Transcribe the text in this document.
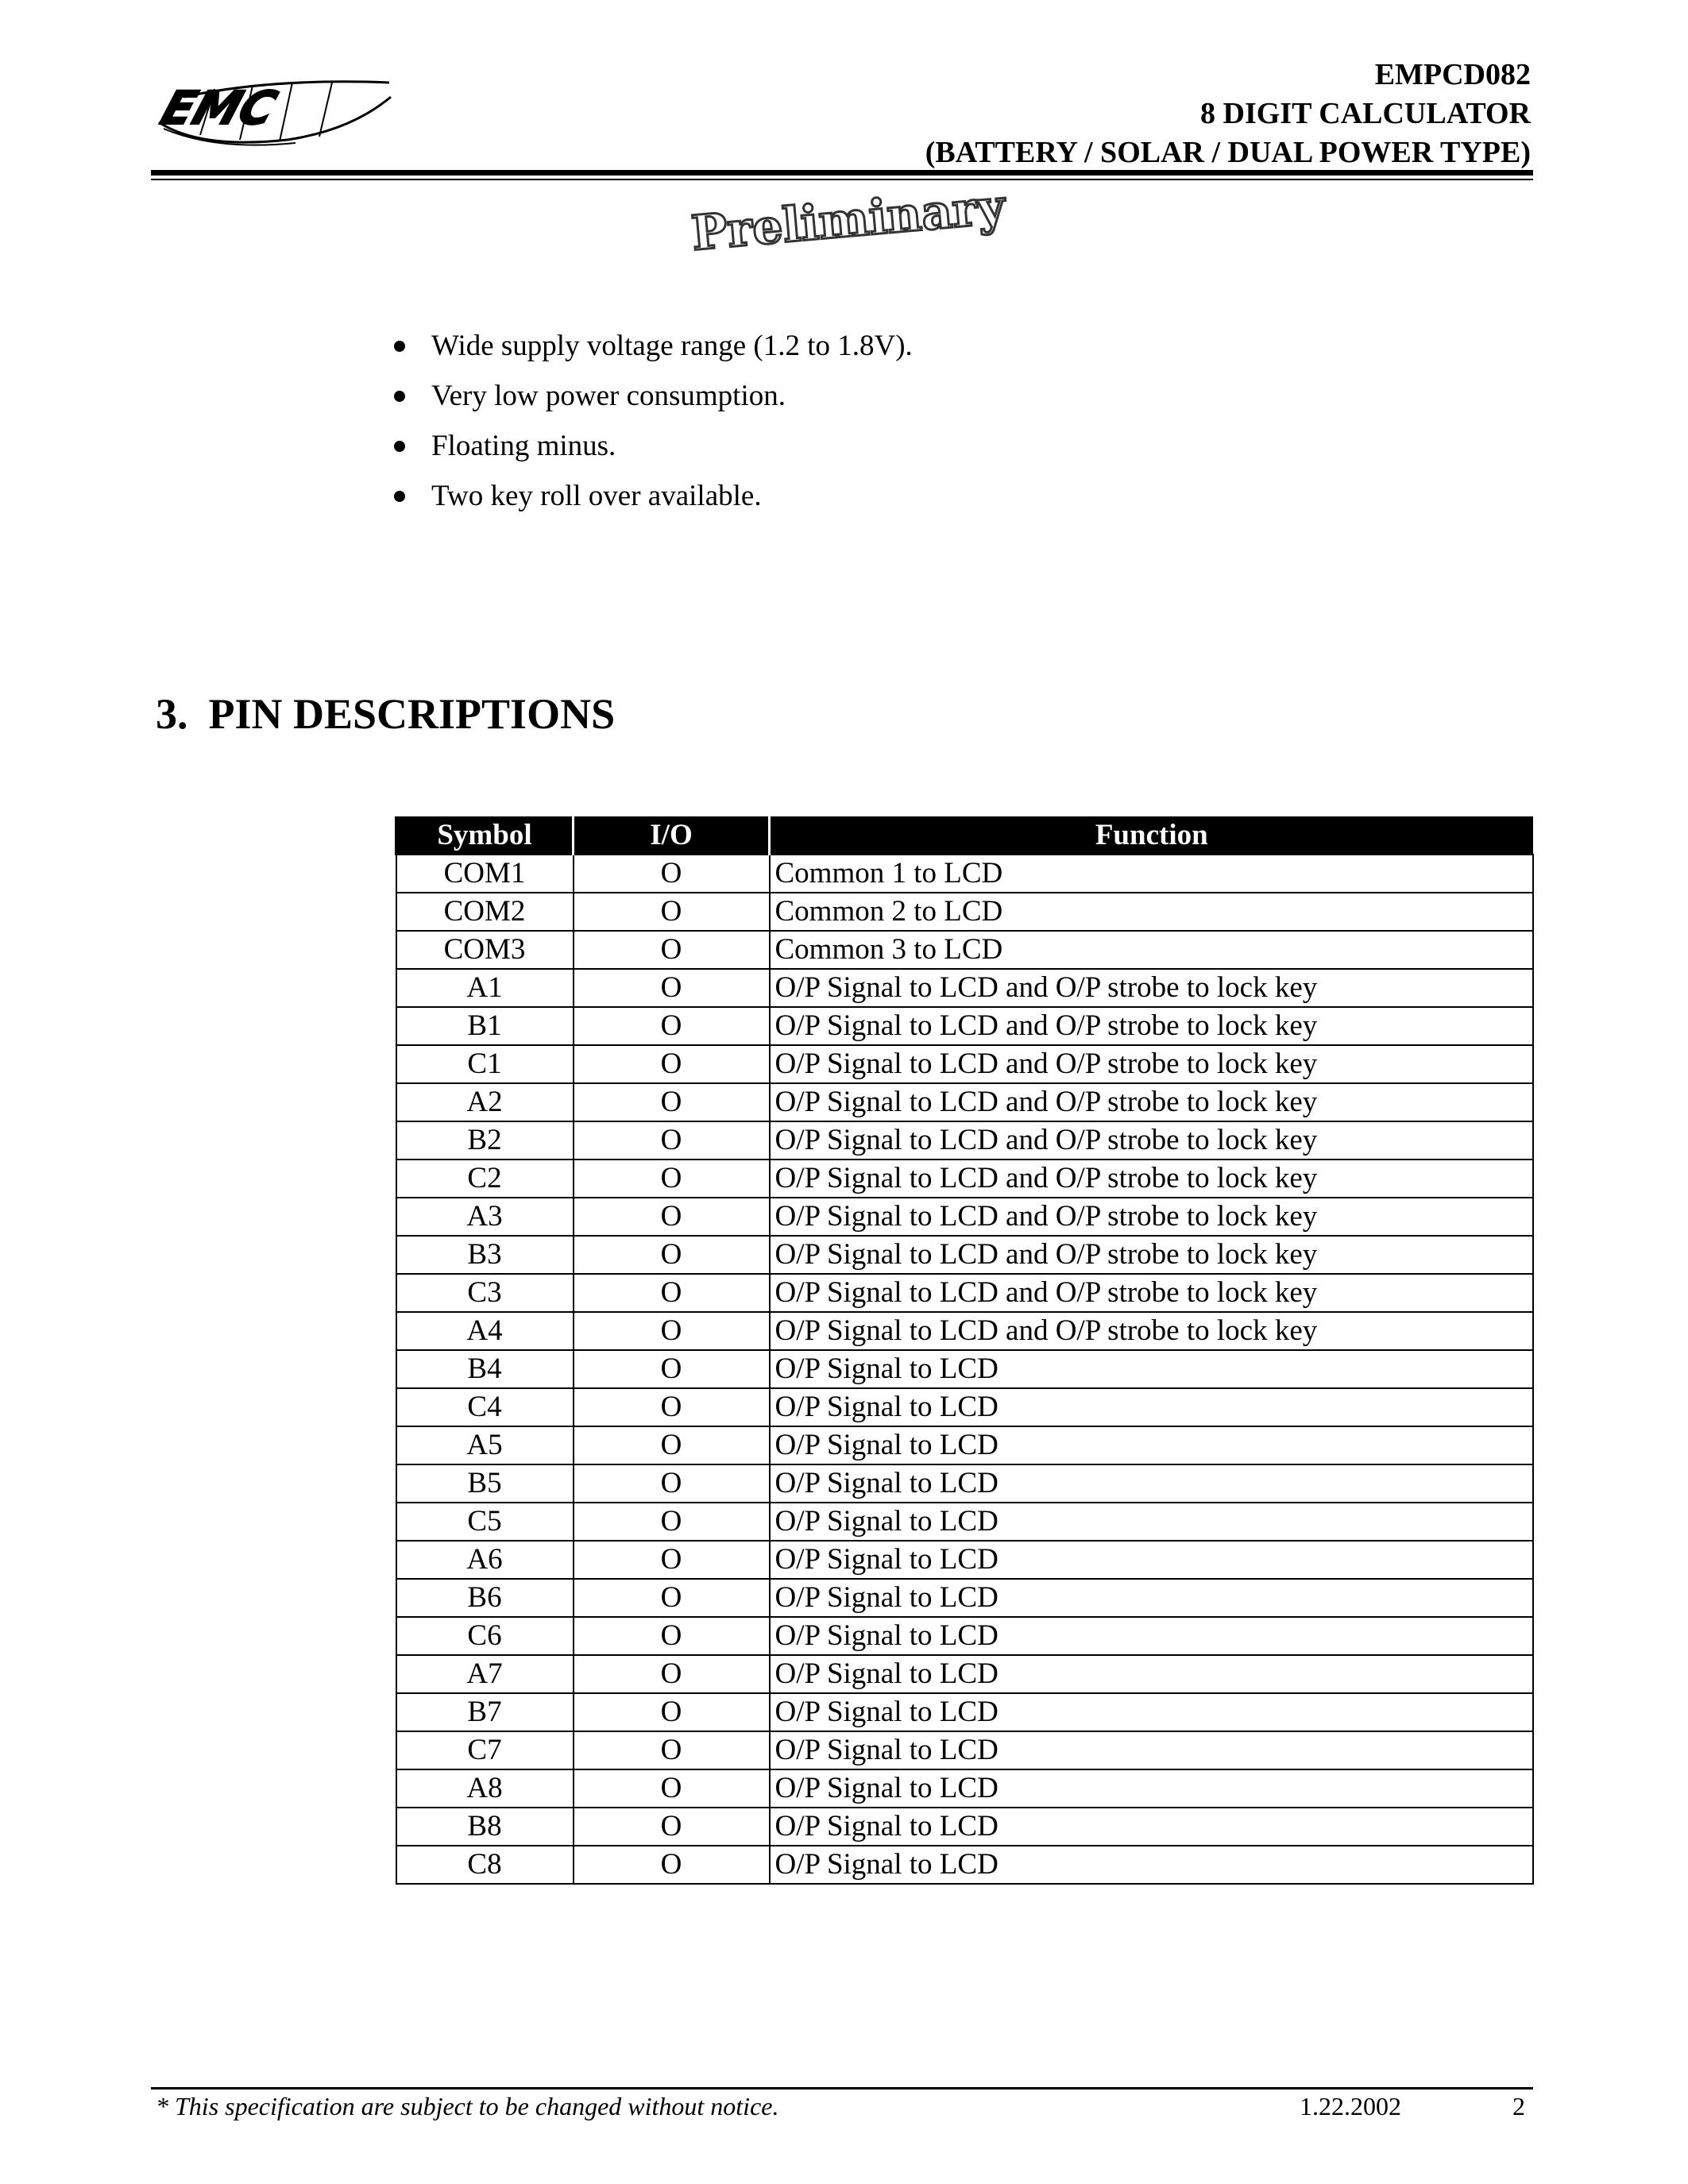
EMC
EMPCD082
8 DIGIT CALCULATOR
(BATTERY / SOLAR / DUAL POWER TYPE)
Preliminary
Wide supply voltage range (1.2 to 1.8V).
Very low power consumption.
Floating minus.
Two key roll over available.
3. PIN DESCRIPTIONS
Symbol	I/O	Function
COM1	O	Common 1 to LCD
COM2	O	Common 2 to LCD
COM3	O	Common 3 to LCD
A1	O	O/P Signal to LCD and O/P strobe to lock key
B1	O	O/P Signal to LCD and O/P strobe to lock key
C1	O	O/P Signal to LCD and O/P strobe to lock key
A2	O	O/P Signal to LCD and O/P strobe to lock key
B2	O	O/P Signal to LCD and O/P strobe to lock key
C2	O	O/P Signal to LCD and O/P strobe to lock key
A3	O	O/P Signal to LCD and O/P strobe to lock key
B3	O	O/P Signal to LCD and O/P strobe to lock key
C3	O	O/P Signal to LCD and O/P strobe to lock key
A4	O	O/P Signal to LCD and O/P strobe to lock key
B4	O	O/P Signal to LCD
C4	O	O/P Signal to LCD
A5	O	O/P Signal to LCD
B5	O	O/P Signal to LCD
C5	O	O/P Signal to LCD
A6	O	O/P Signal to LCD
B6	O	O/P Signal to LCD
C6	O	O/P Signal to LCD
A7	O	O/P Signal to LCD
B7	O	O/P Signal to LCD
C7	O	O/P Signal to LCD
A8	O	O/P Signal to LCD
B8	O	O/P Signal to LCD
C8	O	O/P Signal to LCD
* This specification are subject to be changed without notice.	1.22.2002	2
